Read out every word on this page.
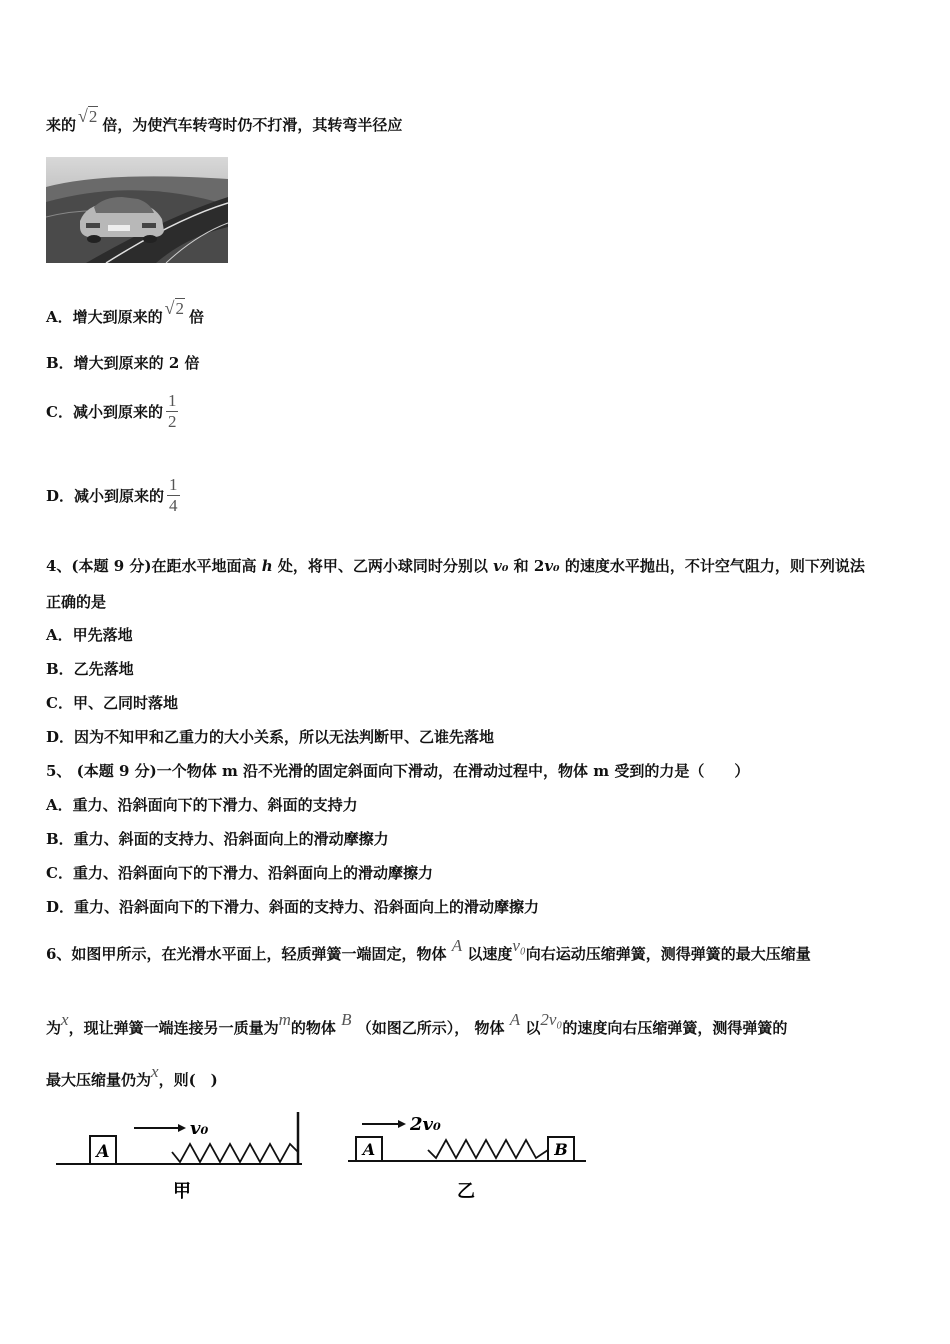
来的 √2 倍，为使汽车转弯时仍不打滑，其转弯半径应
A．增大到原来的 √2 倍
B．增大到原来的 2 倍
C．减小到原来的 $\frac{1}{2}$
D．减小到原来的 $\frac{1}{4}$
4、(本题 9 分)在距水平地面高 h 处，将甲、乙两小球同时分别以 v₀ 和 2v₀ 的速度水平抛出，不计空气阻力，则下列说法
正确的是
A．甲先落地
B．乙先落地
C．甲、乙同时落地
D．因为不知甲和乙重力的大小关系，所以无法判断甲、乙谁先落地
5、 (本题 9 分)一个物体 m 沿不光滑的固定斜面向下滑动，在滑动过程中，物体 m 受到的力是（　　）
A．重力、沿斜面向下的下滑力、斜面的支持力
B．重力、斜面的支持力、沿斜面向上的滑动摩擦力
C．重力、沿斜面向下的下滑力、沿斜面向上的滑动摩擦力
D．重力、沿斜面向下的下滑力、斜面的支持力、沿斜面向上的滑动摩擦力
6、如图甲所示，在光滑水平面上，轻质弹簧一端固定，物体 A 以速度v₀向右运动压缩弹簧，测得弹簧的最大压缩量
为x，现让弹簧一端连接另一质量为m的物体 B （如图乙所示）， 物体 A 以2v₀的速度向右压缩弹簧，测得弹簧的
最大压缩量仍为x，则(　)
A
v₀
甲
A	B
2v₀
乙
